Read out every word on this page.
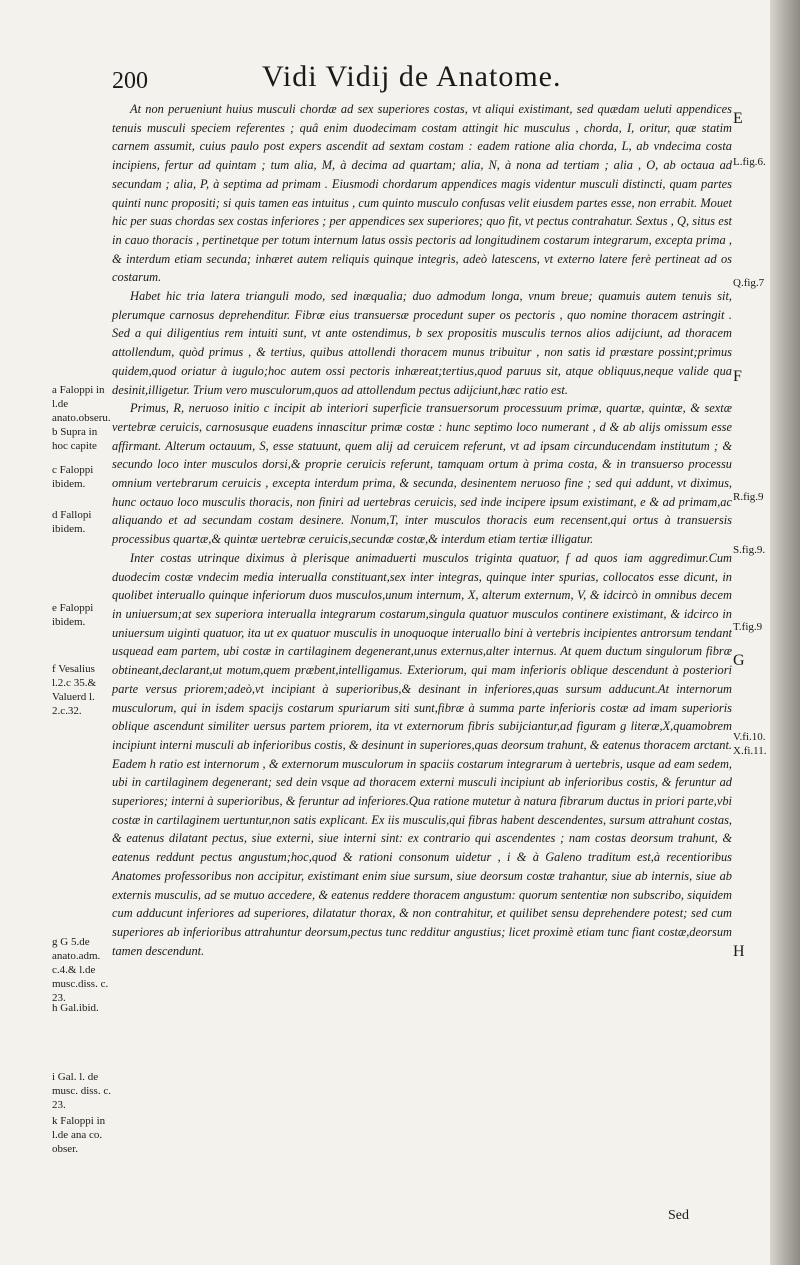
200	Vidi Vidij de Anatome.

At non perueniunt huius musculi chordæ ad sex superiores costas, vt aliqui existimant, sed quædam ueluti appendices tenuis musculi speciem referentes ; quâ enim duodecimam costam attingit hic musculus , chorda, I, oritur, quæ statim carnem assumit, cuius paulo post expers ascendit ad sextam costam : eadem ratione alia chorda, L, ab vndecima costa incipiens, fertur ad quintam ; tum alia, M, à decima ad quartam; alia, N, à nona ad tertiam ; alia , O, ab octaua ad secundam ; alia, P, à septima ad primam . Eiusmodi chordarum appendices magis videntur musculi distincti, quam partes quinti nunc propositi; si quis tamen eas intuitus , cum quinto musculo confusas velit eiusdem partes esse, non errabit. Mouet hic per suas chordas sex costas inferiores ; per appendices sex superiores; quo fit, vt pectus contrahatur. Sextus , Q, situs est in cauo thoracis , pertinetque per totum internum latus ossis pectoris ad longitudinem costarum integrarum, excepta prima , & interdum etiam secunda; inhæret autem reliquis quinque integris, adeò latescens, vt externo latere ferè pertineat ad os costarum.

Habet hic tria latera trianguli modo, sed inæqualia; duo admodum longa, vnum breue; quamuis autem tenuis sit, plerumque carnosus deprehenditur. Fibræ eius transuersæ procedunt super os pectoris , quo nomine thoracem astringit . Sed a qui diligentius rem intuiti sunt, vt ante ostendimus, b sex propositis musculis ternos alios adijciunt, ad thoracem attollendum, quòd primus , & tertius, quibus attollendi thoracem munus tribuitur , non satis id præstare possint;primus quidem,quod oriatur à iugulo;hoc autem ossi pectoris inhæreat;tertius,quod paruus sit, atque obliquus,neque valide qua desinit,illigetur. Trium vero musculorum,quos ad attollendum pectus adijciunt,hæc ratio est.

Primus, R, neruoso initio c incipit ab interiori superficie transuersorum processuum primæ, quartæ, quintæ, & sextæ vertebræ ceruicis, carnosusque euadens innascitur primæ costæ : hunc septimo loco numerant , d & ab alijs omissum esse affirmant. Alterum octauum, S, esse statuunt, quem alij ad ceruicem referunt, vt ad ipsam circunducendam institutum ; & secundo loco inter musculos dorsi,& proprie ceruicis referunt, tamquam ortum à prima costa, & in transuerso processu omnium vertebrarum ceruicis , excepta interdum prima, & secunda, desinentem neruoso fine ; sed qui addunt, vt diximus, hunc octauo loco musculis thoracis, non finiri ad uertebras ceruicis, sed inde incipere ipsum existimant, e & ad primam,ac aliquando et ad secundam costam desinere. Nonum,T, inter musculos thoracis eum recensent,qui ortus à transuersis processibus quartæ,& quintæ uertebræ ceruicis,secundæ costæ,& interdum etiam tertiæ illigatur.

Inter costas utrinque diximus à plerisque animaduerti musculos triginta quatuor, f ad quos iam aggredimur.Cum duodecim costæ vndecim media interualla constituant,sex inter integras, quinque inter spurias, collocatos esse dicunt, in quolibet interuallo quinque inferiorum duos musculos,unum internum, X, alterum externum, V, & idcircò in omnibus decem in uniuersum;at sex superiora interualla integrarum costarum,singula quatuor musculos continere existimant, & idcirco in uniuersum uiginti quatuor, ita ut ex quatuor musculis in unoquoque interuallo bini à vertebris incipientes antrorsum tendant usquead eam partem, ubi costæ in cartilaginem degenerant,unus externus,alter internus. At quem ductum singulorum fibræ obtineant,declarant,ut motum,quem præbent,intelligamus. Exteriorum, qui mam inferioris oblique descendunt à posteriori parte versus priorem;adeò,vt incipiant à superioribus,& desinant in inferiores,quas sursum adducunt.At internorum musculorum, qui in isdem spacijs costarum spuriarum siti sunt,fibræ à summa parte inferioris costæ ad imam superioris oblique ascendunt similiter uersus partem priorem, ita vt externorum fibris subijciantur,ad figuram g literæ,X,quamobrem incipiunt interni musculi ab inferioribus costis, & desinunt in superiores,quas deorsum trahunt, & eatenus thoracem arctant. Eadem h ratio est internorum , & externorum musculorum in spaciis costarum integrarum à uertebris, usque ad eam sedem, ubi in cartilaginem degenerant; sed dein vsque ad thoracem externi musculi incipiunt ab inferioribus costis, & feruntur ad superiores; interni à superioribus, & feruntur ad inferiores.Qua ratione mutetur à natura fibrarum ductus in priori parte,vbi costæ in cartilaginem uertuntur,non satis explicant. Ex iis musculis,qui fibras habent descendentes, sursum attrahunt costas, & eatenus dilatant pectus, siue externi, siue interni sint: ex contrario qui ascendentes ; nam costas deorsum trahunt, & eatenus reddunt pectus angustum;hoc,quod & rationi consonum uidetur , i & à Galeno traditum est,à recentioribus Anatomes professoribus non accipitur, existimant enim siue sursum, siue deorsum costæ trahantur, siue ab internis, siue ab externis musculis, ad se mutuo accedere, & eatenus reddere thoracem angustum: quorum sententiæ non subscribo, siquidem cum adducunt inferiores ad superiores, dilatatur thorax, & non contrahitur, et quilibet sensu deprehendere potest; sed cum superiores ab inferioribus attrahuntur deorsum,pectus tunc redditur angustius; licet proximè etiam tunc fiant costæ,deorsum tamen descendunt.

a Faloppi in l.de anato.obseru. b Supra in hoc capite
c Faloppi ibidem.
d Fallopi ibidem.
e Faloppi ibidem.
f Vesalius l.2.c 35.& Valuerd l. 2.c.32.
g G 5.de anato.adm. c.4.& l.de musc.diss. c. 23.
h Gal.ibid.
i Gal. l. de musc. diss. c. 23.
k Faloppi in l.de ana co. obser.
E
L.fig.6.
Q.fig.7
F
R.fig.9
S.fig.9.
T.fig.9
G
V.fi.10. X.fi.11.
H
Sed
